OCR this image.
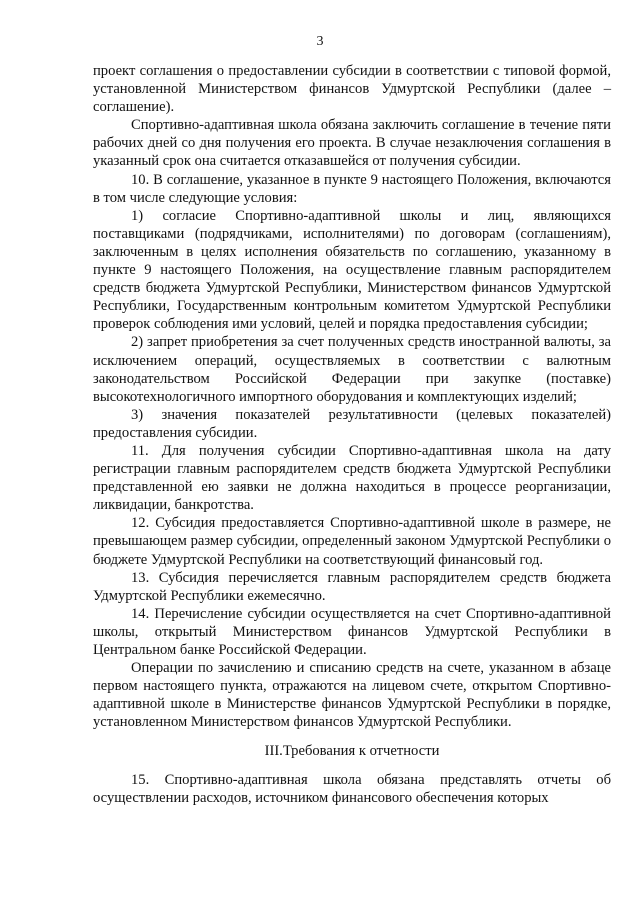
3

проект соглашения о предоставлении субсидии в соответствии с типовой формой, установленной Министерством финансов Удмуртской Республики (далее – соглашение).

Спортивно-адаптивная школа обязана заключить соглашение в течение пяти рабочих дней со дня получения его проекта. В случае незаключения соглашения в указанный срок она считается отказавшейся от получения субсидии.

10. В соглашение, указанное в пункте 9 настоящего Положения, включаются в том числе следующие условия:

1) согласие Спортивно-адаптивной школы и лиц, являющихся поставщиками (подрядчиками, исполнителями) по договорам (соглашениям), заключенным в целях исполнения обязательств по соглашению, указанному в пункте 9 настоящего Положения, на осуществление главным распорядителем средств бюджета Удмуртской Республики, Министерством финансов Удмуртской Республики, Государственным контрольным комитетом Удмуртской Республики проверок соблюдения ими условий, целей и порядка предоставления субсидии;

2) запрет приобретения за счет полученных средств иностранной валюты, за исключением операций, осуществляемых в соответствии с валютным законодательством Российской Федерации при закупке (поставке) высокотехнологичного импортного оборудования и комплектующих изделий;

3) значения показателей результативности (целевых показателей) предоставления субсидии.

11. Для получения субсидии Спортивно-адаптивная школа на дату регистрации главным распорядителем средств бюджета Удмуртской Республики представленной ею заявки не должна находиться в процессе реорганизации, ликвидации, банкротства.

12. Субсидия предоставляется Спортивно-адаптивной школе в размере, не превышающем размер субсидии, определенный законом Удмуртской Республики о бюджете Удмуртской Республики на соответствующий финансовый год.

13. Субсидия перечисляется главным распорядителем средств бюджета Удмуртской Республики ежемесячно.

14. Перечисление субсидии осуществляется на счет Спортивно-адаптивной школы, открытый Министерством финансов Удмуртской Республики в Центральном банке Российской Федерации.

Операции по зачислению и списанию средств на счете, указанном в абзаце первом настоящего пункта, отражаются на лицевом счете, открытом Спортивно-адаптивной школе в Министерстве финансов Удмуртской Республики в порядке, установленном Министерством финансов Удмуртской Республики.

III.Требования к отчетности

15. Спортивно-адаптивная школа обязана представлять отчеты об осуществлении расходов, источником финансового обеспечения которых
